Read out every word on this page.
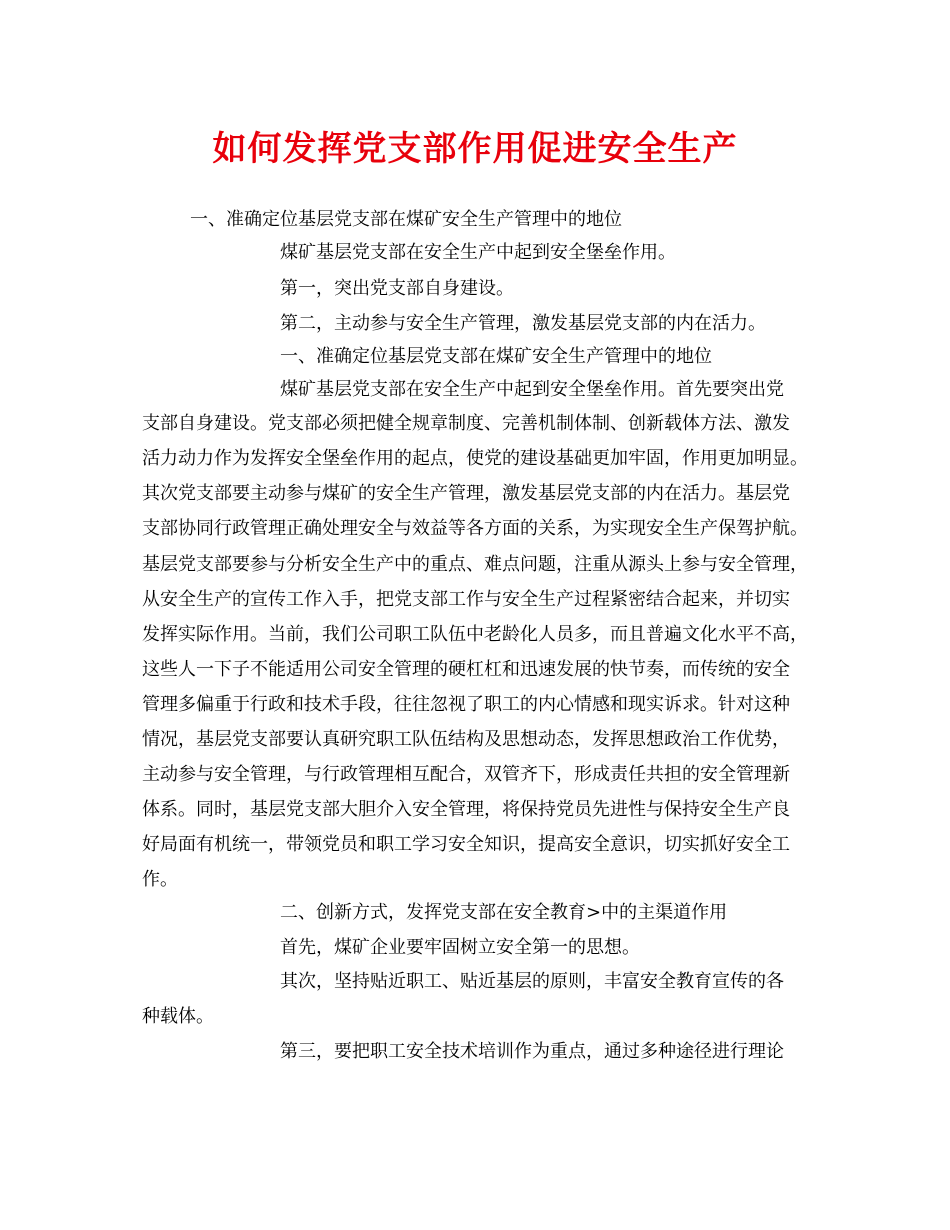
如何发挥党支部作用促进安全生产
一、准确定位基层党支部在煤矿安全生产管理中的地位
煤矿基层党支部在安全生产中起到安全堡垒作用。
第一，突出党支部自身建设。
第二，主动参与安全生产管理，激发基层党支部的内在活力。
一、准确定位基层党支部在煤矿安全生产管理中的地位
煤矿基层党支部在安全生产中起到安全堡垒作用。首先要突出党
支部自身建设。党支部必须把健全规章制度、完善机制体制、创新载体方法、激发
活力动力作为发挥安全堡垒作用的起点，使党的建设基础更加牢固，作用更加明显。
其次党支部要主动参与煤矿的安全生产管理，激发基层党支部的内在活力。基层党
支部协同行政管理正确处理安全与效益等各方面的关系，为实现安全生产保驾护航。
基层党支部要参与分析安全生产中的重点、难点问题，注重从源头上参与安全管理，
从安全生产的宣传工作入手，把党支部工作与安全生产过程紧密结合起来，并切实
发挥实际作用。当前，我们公司职工队伍中老龄化人员多，而且普遍文化水平不高，
这些人一下子不能适用公司安全管理的硬杠杠和迅速发展的快节奏，而传统的安全
管理多偏重于行政和技术手段，往往忽视了职工的内心情感和现实诉求。针对这种
情况，基层党支部要认真研究职工队伍结构及思想动态，发挥思想政治工作优势，
主动参与安全管理，与行政管理相互配合，双管齐下，形成责任共担的安全管理新
体系。同时，基层党支部大胆介入安全管理，将保持党员先进性与保持安全生产良
好局面有机统一，带领党员和职工学习安全知识，提高安全意识，切实抓好安全工
作。
二、创新方式，发挥党支部在安全教育>中的主渠道作用
首先，煤矿企业要牢固树立安全第一的思想。
其次，坚持贴近职工、贴近基层的原则，丰富安全教育宣传的各
种载体。
第三，要把职工安全技术培训作为重点，通过多种途径进行理论
